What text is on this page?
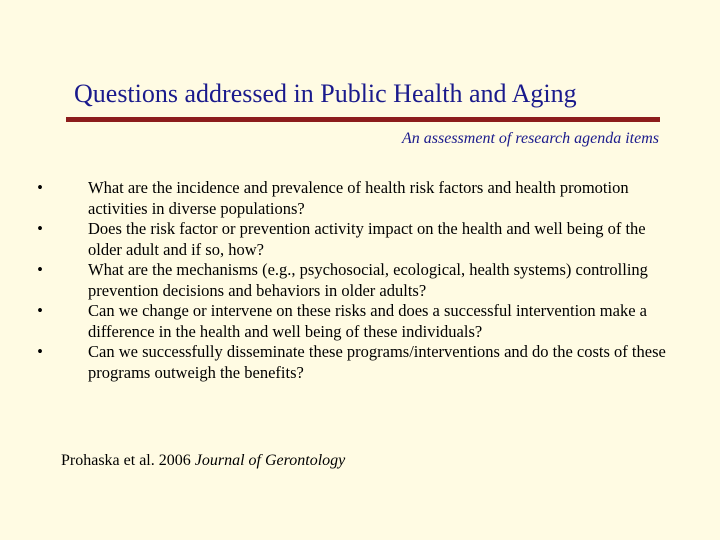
Questions addressed in Public Health and Aging
An assessment of research agenda items
•	What are the incidence and prevalence of health risk factors and health promotion activities in diverse populations?
•	Does the risk factor or prevention activity impact on the health and well being of the older adult and if so, how?
•	What are the mechanisms (e.g., psychosocial, ecological, health systems) controlling prevention decisions and behaviors in older adults?
•	Can we change or intervene on these risks and does a successful intervention make a difference in the health and well being of these individuals?
•	Can we successfully disseminate these programs/interventions and do the costs of these programs outweigh the benefits?
Prohaska et al. 2006 Journal of Gerontology
